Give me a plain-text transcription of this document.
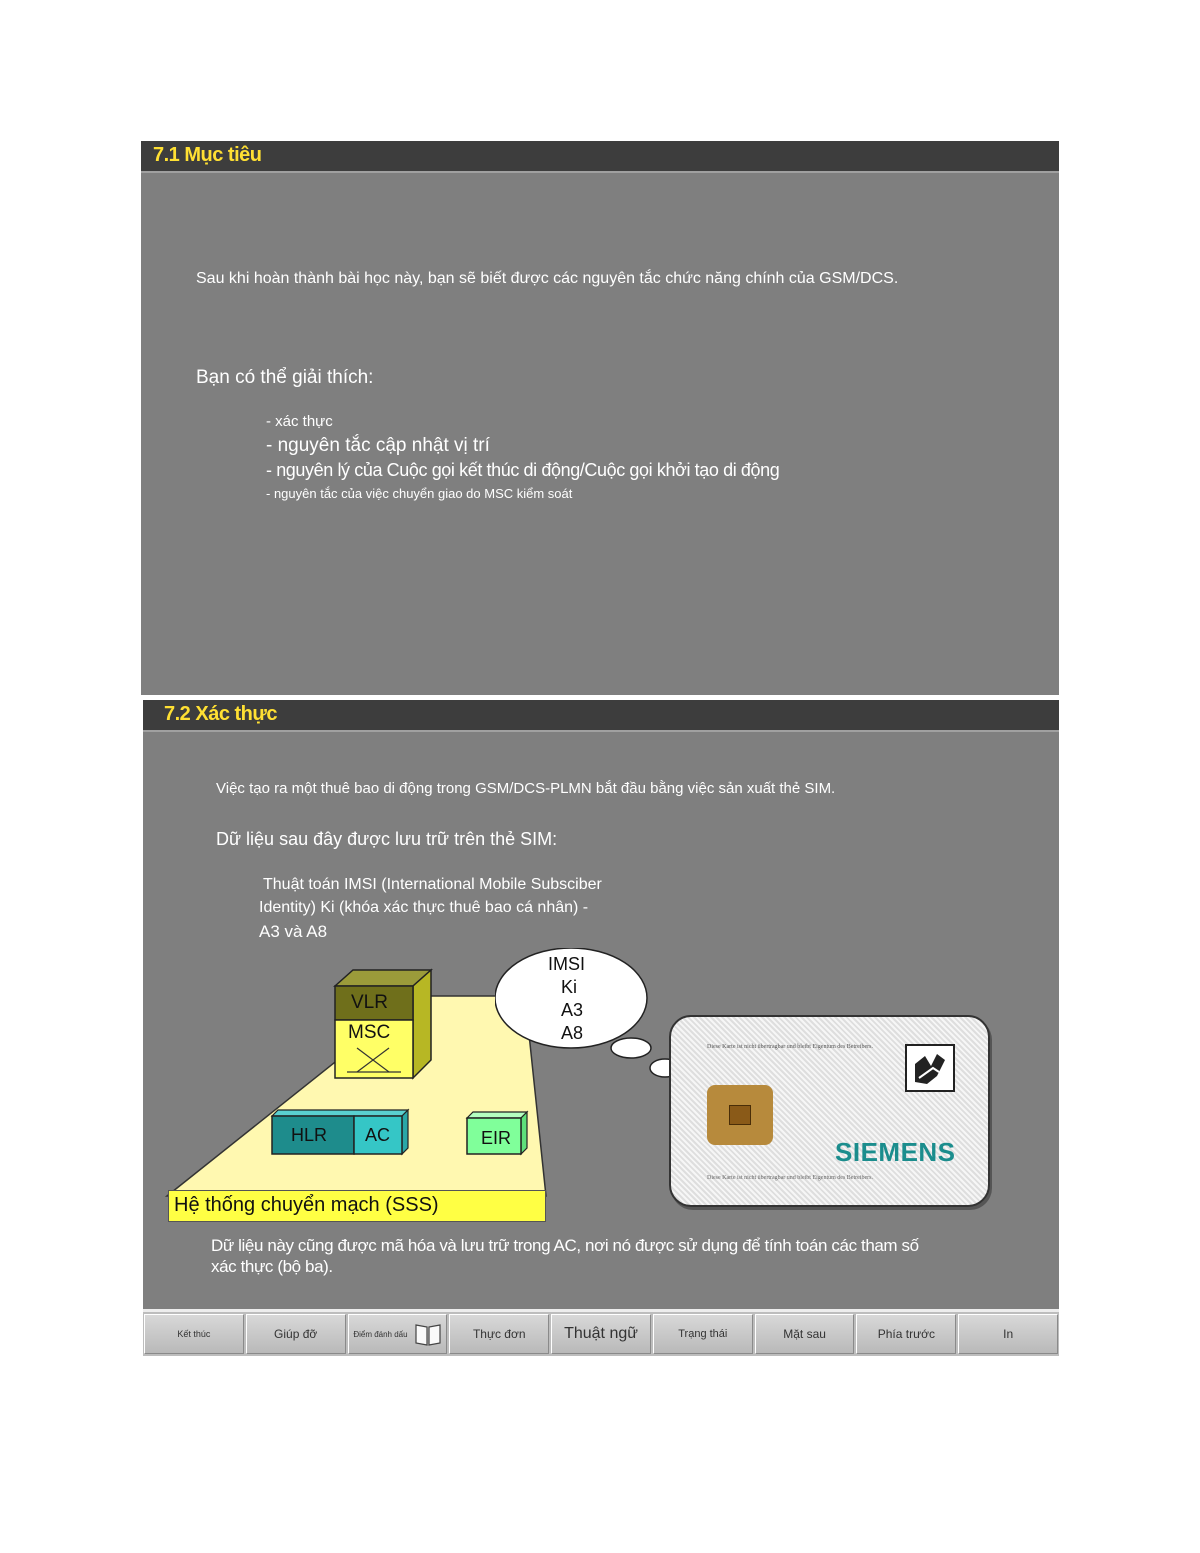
7.1 Mục tiêu

Sau khi hoàn thành bài học này, bạn sẽ biết được các nguyên tắc chức năng chính của GSM/DCS.

Bạn có thể giải thích:

- xác thực

- nguyên tắc cập nhật vị trí

- nguyên lý của Cuộc gọi kết thúc di động/Cuộc gọi khởi tạo di động

- nguyên tắc của việc chuyển giao do MSC kiểm soát

7.2 Xác thực

Việc tạo ra một thuê bao di động trong GSM/DCS-PLMN bắt đầu bằng việc sản xuất thẻ SIM.

Dữ liệu sau đây được lưu trữ trên thẻ SIM:

Thuật toán IMSI (International Mobile Subsciber

Identity) Ki (khóa xác thực thuê bao cá nhân) -

A3 và A8

VLR
MSC
HLR AC	EIR
Hệ thống chuyển mạch (SSS)
IMSI
Ki
A3
A8
Diese Karte ist nicht übertragbar und bleibt Eigentum des Betreibers.
SIEMENS
Diese Karte ist nicht übertragbar und bleibt Eigentum des Betreibers.

Dữ liệu này cũng được mã hóa và lưu trữ trong AC, nơi nó được sử dụng để tính toán các tham số xác thực (bộ ba).

Kết thúc	Giúp đỡ	Điểm đánh dấu	Thực đơn Thuật ngữ	Trạng thái	Mặt sau	Phía trước	In
